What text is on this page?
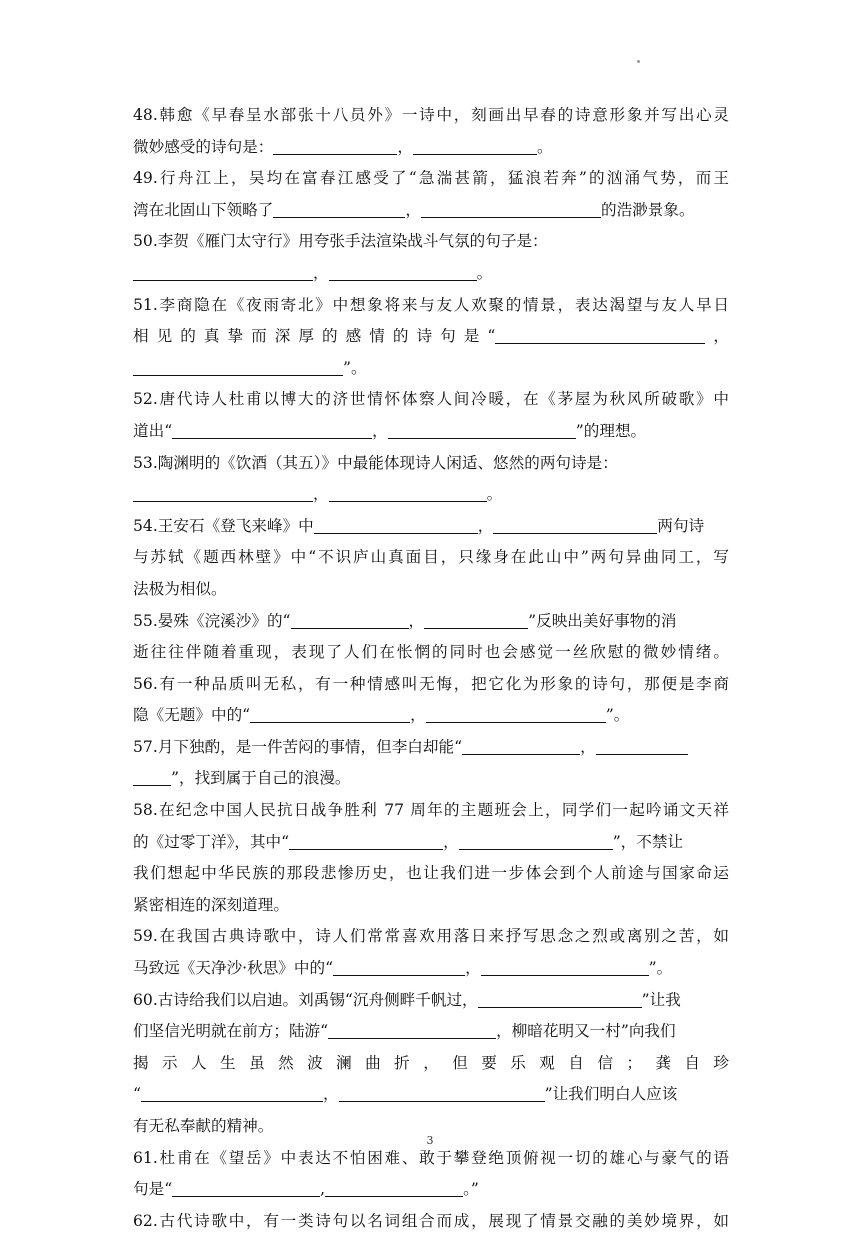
48.韩愈《早春呈水部张十八员外》一诗中，刻画出早春的诗意形象并写出心灵
微妙感受的诗句是：	，	。
49.行舟江上，吴均在富春江感受了“急湍甚箭，猛浪若奔”的汹涌气势，而王
湾在北固山下领略了	，	的浩渺景象。
50.李贺《雁门太守行》用夸张手法渲染战斗气氛的句子是：
，	。
51.李商隐在《夜雨寄北》中想象将来与友人欢聚的情景，表达渴望与友人早日
相见的真挚而深厚的感情的诗句是“	，
”。
52.唐代诗人杜甫以博大的济世情怀体察人间冷暖，在《茅屋为秋风所破歌》中
道出“	，	”的理想。
53.陶渊明的《饮酒（其五）》中最能体现诗人闲适、悠然的两句诗是：
，	。
54.王安石《登飞来峰》中	，	两句诗
与苏轼《题西林壁》中“不识庐山真面目，只缘身在此山中”两句异曲同工，写
法极为相似。
55.晏殊《浣溪沙》的“	，	”反映出美好事物的消
逝往往伴随着重现，表现了人们在怅惘的同时也会感觉一丝欣慰的微妙情绪。
56.有一种品质叫无私，有一种情感叫无悔，把它化为形象的诗句，那便是李商
隐《无题》中的“	，	”。
57.月下独酌，是一件苦闷的事情，但李白却能“	，
”，找到属于自己的浪漫。
58.在纪念中国人民抗日战争胜利 77 周年的主题班会上，同学们一起吟诵文天祥
的《过零丁洋》，其中“	，	”，不禁让
我们想起中华民族的那段悲惨历史，也让我们进一步体会到个人前途与国家命运
紧密相连的深刻道理。
59.在我国古典诗歌中，诗人们常常喜欢用落日来抒写思念之烈或离别之苦，如
马致远《天净沙·秋思》中的“	，	”。
60.古诗给我们以启迪。刘禹锡“沉舟侧畔千帆过，	”让我
们坚信光明就在前方；陆游“	，柳暗花明又一村”向我们
揭示人生虽然波澜曲折，但要乐观自信；龚自珍
“	，	”让我们明白人应该
有无私奉献的精神。
61.杜甫在《望岳》中表达不怕困难、敢于攀登绝顶俯视一切的雄心与豪气的语
句是“	,	。”
62.古代诗歌中，有一类诗句以名词组合而成，展现了情景交融的美妙境界，如
3
